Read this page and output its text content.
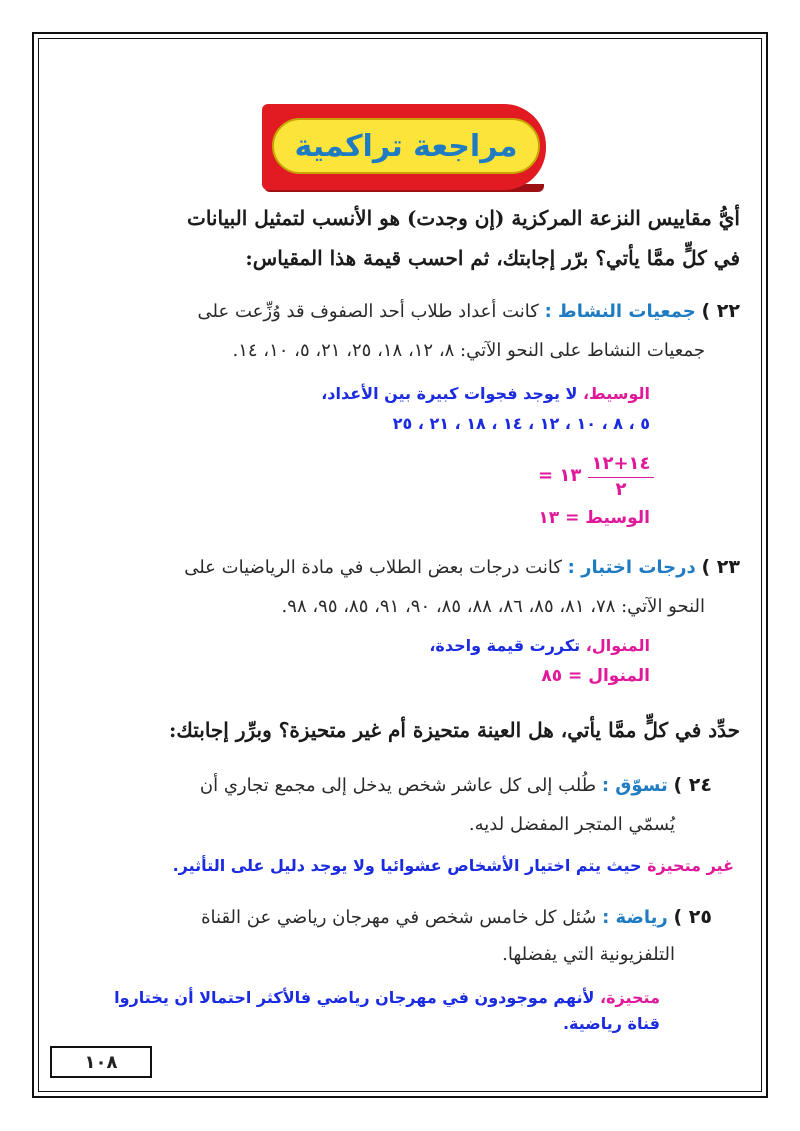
مراجعة تراكمية
أيُّ مقاييس النزعة المركزية (إن وجدت) هو الأنسب لتمثيل البيانات
في كلٍّ ممَّا يأتي؟ برّر إجابتك، ثم احسب قيمة هذا المقياس:
٢٢ ) جمعيات النشاط : كانت أعداد طلاب أحد الصفوف قد وُزِّعت على
جمعيات النشاط على النحو الآتي: ٨، ١٢، ١٨، ٢٥، ٢١، ٥، ١٠، ١٤.
الوسيط، لا يوجد فجوات كبيرة بين الأعداد،
٥ ، ٨ ، ١٠ ، ١٢ ، ١٤ ، ١٨ ، ٢١ ، ٢٥
١٤+١٢
٢
١٣ =
الوسيط = ١٣
٢٣ ) درجات اختبار : كانت درجات بعض الطلاب في مادة الرياضيات على
النحو الآتي: ٧٨، ٨١، ٨٥، ٨٦، ٨٨، ٨٥، ٩٠، ٩١، ٨٥، ٩٥، ٩٨.
المنوال، تكررت قيمة واحدة،
المنوال = ٨٥
حدِّد في كلٍّ ممَّا يأتي، هل العينة متحيزة أم غير متحيزة؟ وبرِّر إجابتك:
٢٤ ) تسوّق : طُلب إلى كل عاشر شخص يدخل إلى مجمع تجاري أن
يُسمّي المتجر المفضل لديه.
غير متحيزة حيث يتم اختيار الأشخاص عشوائيا ولا يوجد دليل على التأثير.
٢٥ ) رياضة : سُئل كل خامس شخص في مهرجان رياضي عن القناة
التلفزيونية التي يفضلها.
متحيزة، لأنهم موجودون في مهرجان رياضي فالأكثر احتمالا أن يختاروا
قناة رياضية.
١٠٨
